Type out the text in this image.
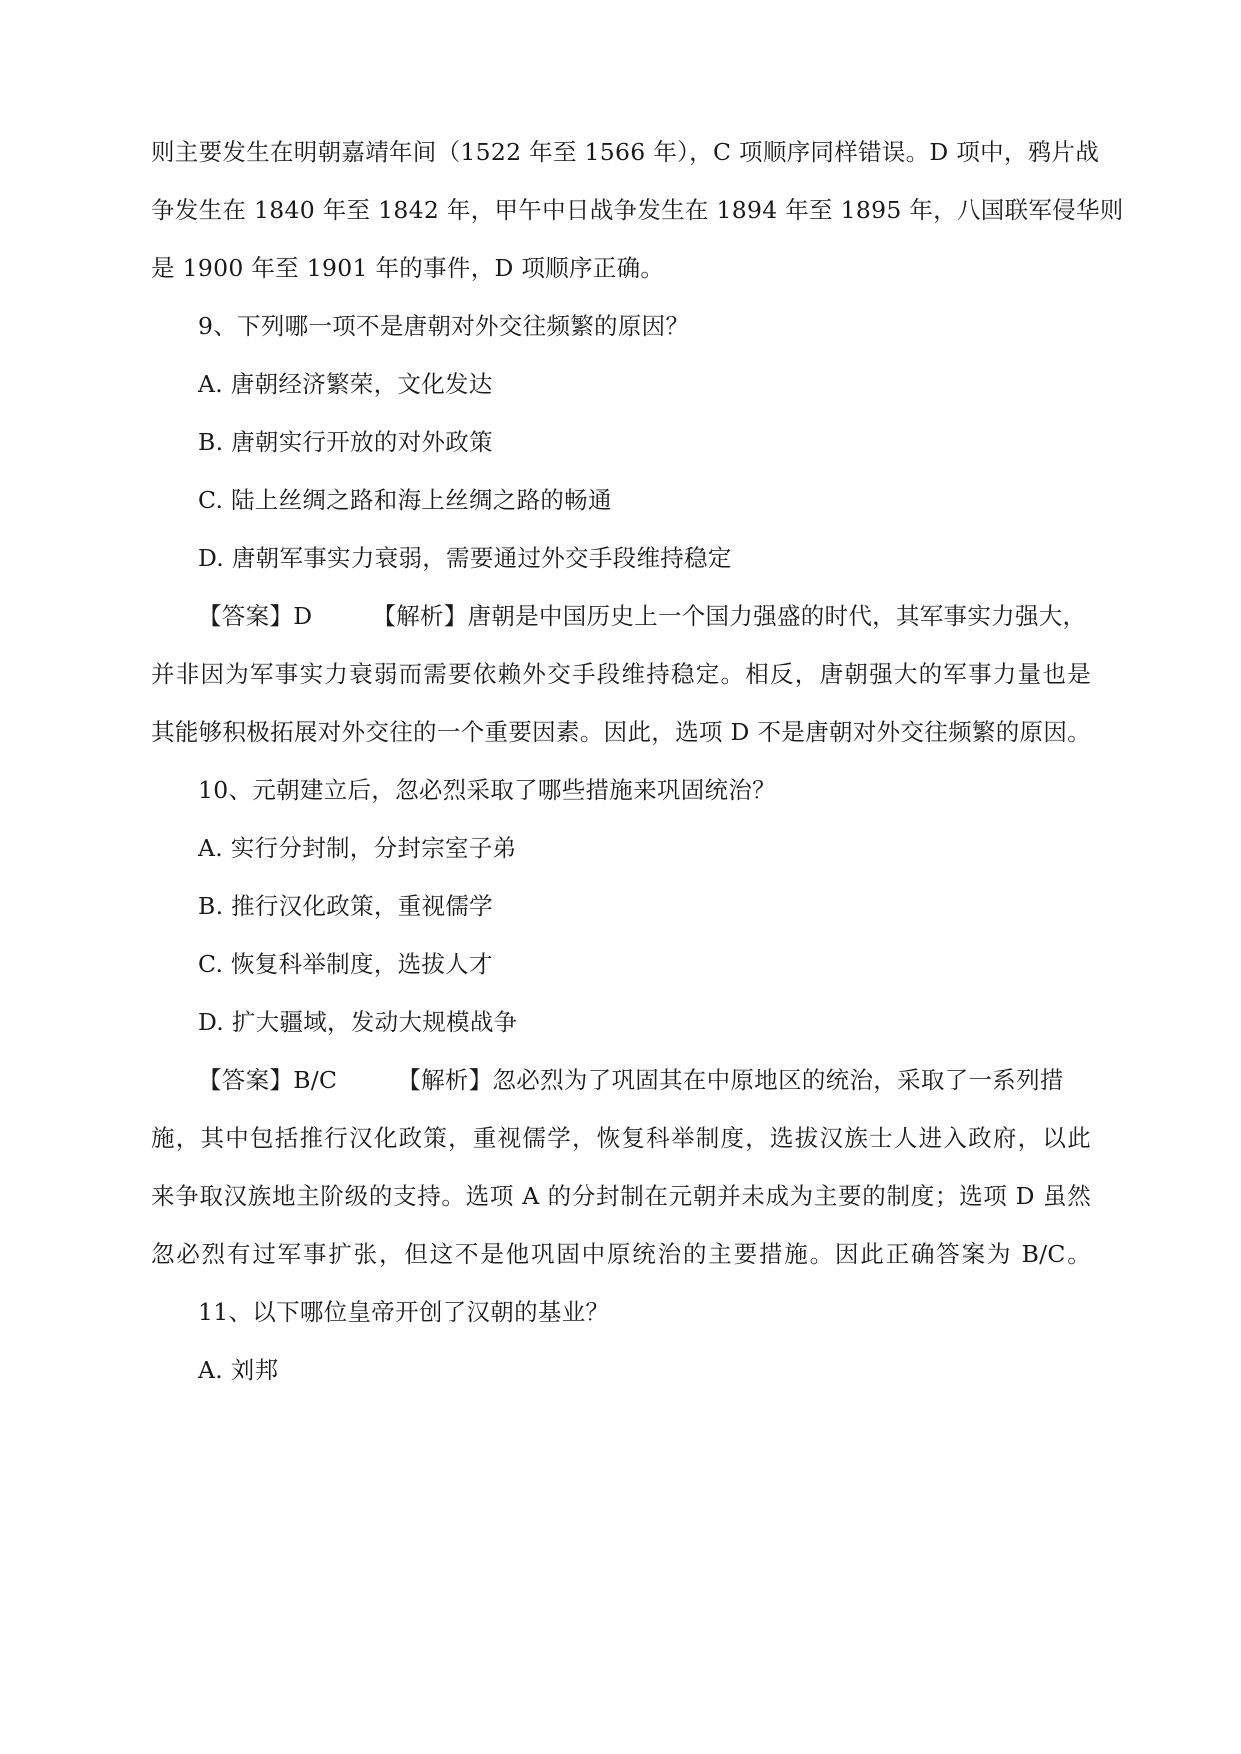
则主要发生在明朝嘉靖年间（1522 年至 1566 年），C 项顺序同样错误。D 项中，鸦片战
争发生在 1840 年至 1842 年，甲午中日战争发生在 1894 年至 1895 年，八国联军侵华则
是 1900 年至 1901 年的事件，D 项顺序正确。
9、下列哪一项不是唐朝对外交往频繁的原因？
A. 唐朝经济繁荣，文化发达
B. 唐朝实行开放的对外政策
C. 陆上丝绸之路和海上丝绸之路的畅通
D. 唐朝军事实力衰弱，需要通过外交手段维持稳定
【答案】D	【解析】唐朝是中国历史上一个国力强盛的时代，其军事实力强大，
并非因为军事实力衰弱而需要依赖外交手段维持稳定。相反，唐朝强大的军事力量也是
其能够积极拓展对外交往的一个重要因素。因此，选项 D 不是唐朝对外交往频繁的原因。
10、元朝建立后，忽必烈采取了哪些措施来巩固统治？
A. 实行分封制，分封宗室子弟
B. 推行汉化政策，重视儒学
C. 恢复科举制度，选拔人才
D. 扩大疆域，发动大规模战争
【答案】B/C	【解析】忽必烈为了巩固其在中原地区的统治，采取了一系列措
施，其中包括推行汉化政策，重视儒学，恢复科举制度，选拔汉族士人进入政府，以此
来争取汉族地主阶级的支持。选项 A 的分封制在元朝并未成为主要的制度；选项 D 虽然
忽必烈有过军事扩张，但这不是他巩固中原统治的主要措施。因此正确答案为 B/C。
11、以下哪位皇帝开创了汉朝的基业？
A. 刘邦
